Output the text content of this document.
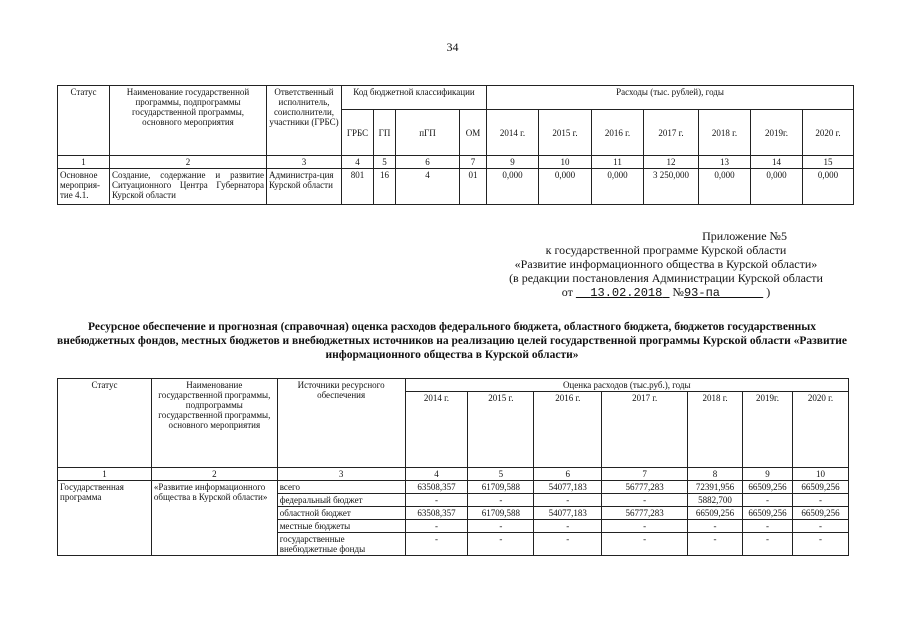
34
Статус	Наименование государственной программы, подпрограммы государственной программы, основного мероприятия	Ответственный исполнитель, соисполнители, участники (ГРБС)	Код бюджетной классификации				Расходы (тыс. рублей), годы						
			ГРБС	ГП	пГП	ОМ	2014 г.	2015 г.	2016 г.	2017 г.	2018 г.	2019г.	2020 г.
1	2	3	4	5	6	7	9	10	11	12	13	14	15
Основное мероприя-тие 4.1.	Создание, содержание и развитие Ситуационного Центра Губернатора Курской области	Администра-ция Курской области	801	16	4	01	0,000	0,000	0,000	3 250,000	0,000	0,000	0,000
Приложение №5
к государственной программе Курской области
«Развитие информационного общества в Курской области»
(в редакции постановления Администрации Курской области
от 13.02.2018 №93-па	)
Ресурсное обеспечение и прогнозная (справочная) оценка расходов федерального бюджета, областного бюджета, бюджетов государственных внебюджетных фондов, местных бюджетов и внебюджетных источников на реализацию целей государственной программы Курской области «Развитие информационного общества в Курской области»
Статус	Наименование государственной программы, подпрограммы государственной программы, основного мероприятия	Источники ресурсного обеспечения	Оценка расходов (тыс.руб.), годы						
			2014 г.	2015 г.	2016 г.	2017 г.	2018 г.	2019г.	2020 г.
1	2	3	4	5	6	7	8	9	10
Государственная программа	«Развитие информационного общества в Курской области»	всего	63508,357	61709,588	54077,183	56777,283	72391,956	66509,256	66509,256
		федеральный бюджет	-	-	-	-	5882,700	-	-
		областной бюджет	63508,357	61709,588	54077,183	56777,283	66509,256	66509,256	66509,256
		местные бюджеты	-	-	-	-	-	-	-
		государственные внебюджетные фонды	-	-	-	-	-	-	-
